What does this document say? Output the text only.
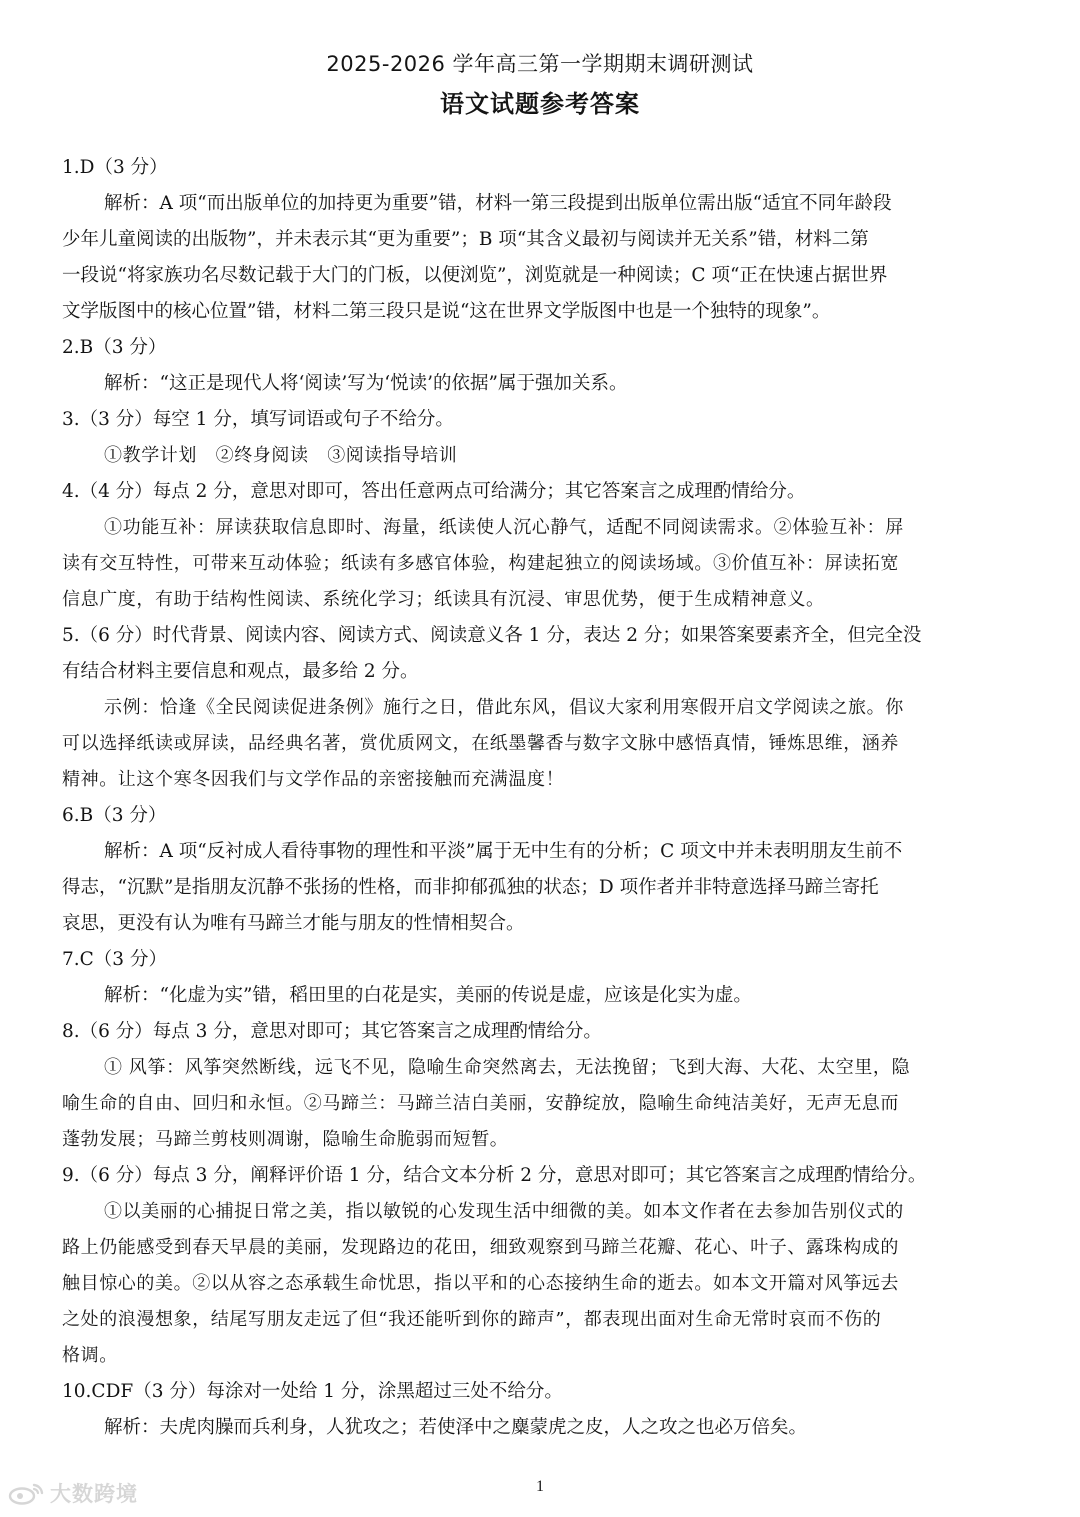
2025-2026 学年高三第一学期期末调研测试
语文试题参考答案
1.D（3 分）
解析：A 项“而出版单位的加持更为重要”错，材料一第三段提到出版单位需出版“适宜不同年龄段
少年儿童阅读的出版物”，并未表示其“更为重要”；B 项“其含义最初与阅读并无关系”错，材料二第
一段说“将家族功名尽数记载于大门的门板，以便浏览”，浏览就是一种阅读；C 项“正在快速占据世界
文学版图中的核心位置”错，材料二第三段只是说“这在世界文学版图中也是一个独特的现象”。
2.B（3 分）
解析：“这正是现代人将‘阅读’写为‘悦读’的依据”属于强加关系。
3.（3 分）每空 1 分，填写词语或句子不给分。
①教学计划　②终身阅读　③阅读指导培训
4.（4 分）每点 2 分，意思对即可，答出任意两点可给满分；其它答案言之成理酌情给分。
①功能互补：屏读获取信息即时、海量，纸读使人沉心静气，适配不同阅读需求。②体验互补：屏
读有交互特性，可带来互动体验；纸读有多感官体验，构建起独立的阅读场域。③价值互补：屏读拓宽
信息广度，有助于结构性阅读、系统化学习；纸读具有沉浸、审思优势，便于生成精神意义。
5.（6 分）时代背景、阅读内容、阅读方式、阅读意义各 1 分，表达 2 分；如果答案要素齐全，但完全没
有结合材料主要信息和观点，最多给 2 分。
示例：恰逢《全民阅读促进条例》施行之日，借此东风，倡议大家利用寒假开启文学阅读之旅。你
可以选择纸读或屏读，品经典名著，赏优质网文，在纸墨馨香与数字文脉中感悟真情，锤炼思维，涵养
精神。让这个寒冬因我们与文学作品的亲密接触而充满温度！
6.B（3 分）
解析：A 项“反衬成人看待事物的理性和平淡”属于无中生有的分析；C 项文中并未表明朋友生前不
得志，“沉默”是指朋友沉静不张扬的性格，而非抑郁孤独的状态；D 项作者并非特意选择马蹄兰寄托
哀思，更没有认为唯有马蹄兰才能与朋友的性情相契合。
7.C（3 分）
解析：“化虚为实”错，稻田里的白花是实，美丽的传说是虚，应该是化实为虚。
8.（6 分）每点 3 分，意思对即可；其它答案言之成理酌情给分。
① 风筝：风筝突然断线，远飞不见，隐喻生命突然离去，无法挽留；飞到大海、大花、太空里，隐
喻生命的自由、回归和永恒。②马蹄兰：马蹄兰洁白美丽，安静绽放，隐喻生命纯洁美好，无声无息而
蓬勃发展；马蹄兰剪枝则凋谢，隐喻生命脆弱而短暂。
9.（6 分）每点 3 分，阐释评价语 1 分，结合文本分析 2 分，意思对即可；其它答案言之成理酌情给分。
①以美丽的心捕捉日常之美，指以敏锐的心发现生活中细微的美。如本文作者在去参加告别仪式的
路上仍能感受到春天早晨的美丽，发现路边的花田，细致观察到马蹄兰花瓣、花心、叶子、露珠构成的
触目惊心的美。②以从容之态承载生命忧思，指以平和的心态接纳生命的逝去。如本文开篇对风筝远去
之处的浪漫想象，结尾写朋友走远了但“我还能听到你的蹄声”，都表现出面对生命无常时哀而不伤的
格调。
10.CDF（3 分）每涂对一处给 1 分，涂黑超过三处不给分。
解析：夫虎肉臊而兵利身，人犹攻之；若使泽中之麋蒙虎之皮，人之攻之也必万倍矣。
大数跨境	1
